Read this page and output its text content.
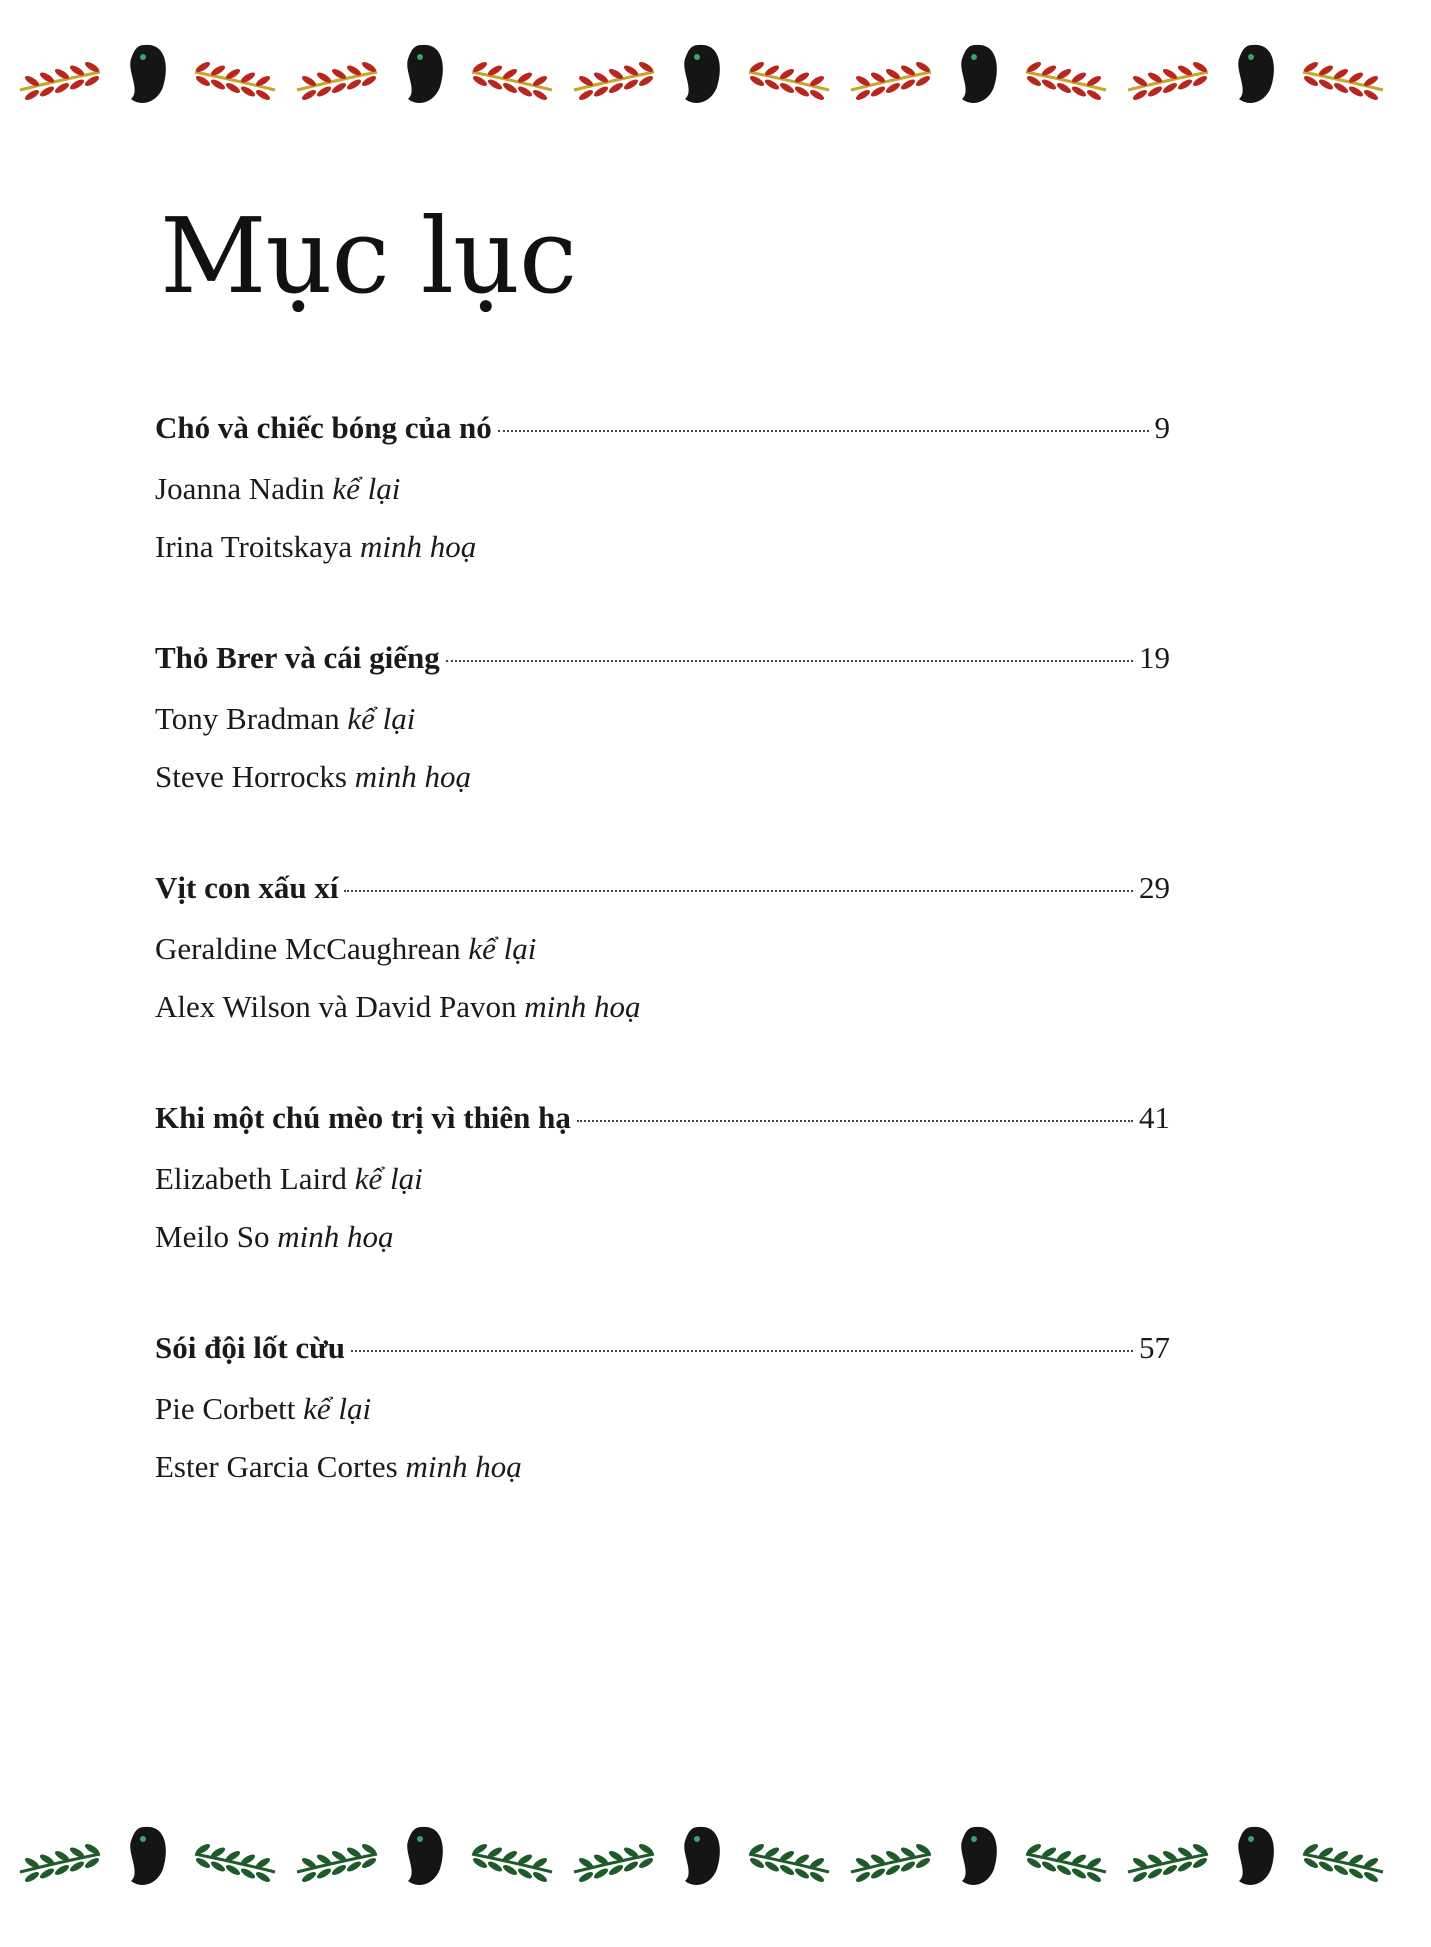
Mục lục
Chó và chiếc bóng của nó	9
Joanna Nadin kể lại
Irina Troitskaya minh hoạ
Thỏ Brer và cái giếng	19
Tony Bradman kể lại
Steve Horrocks minh hoạ
Vịt con xấu xí	29
Geraldine McCaughrean kể lại
Alex Wilson và David Pavon minh hoạ
Khi một chú mèo trị vì thiên hạ	41
Elizabeth Laird kể lại
Meilo So minh hoạ
Sói đội lốt cừu	57
Pie Corbett kể lại
Ester Garcia Cortes minh hoạ
